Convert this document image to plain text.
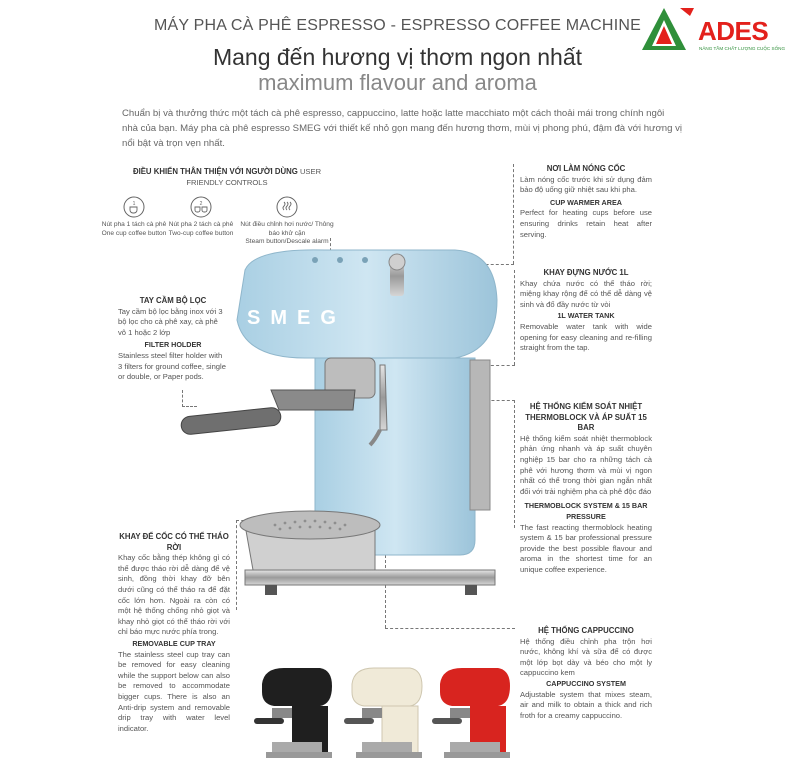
MÁY PHA CÀ PHÊ ESPRESSO - ESPRESSO COFFEE MACHINE
Mang đến hương vị thơm ngon nhất
maximum flavour and aroma
Chuẩn bị và thưởng thức một tách cà phê espresso, cappuccino, latte hoặc latte macchiato một cách thoải mái trong chính ngôi nhà của bạn. Máy pha cà phê espresso SMEG với thiết kế nhỏ gọn mang đến hương thơm, mùi vị phong phú, đậm đà với hương vị nổi bật và trọn vẹn nhất.
ADES
NÂNG TẦM CHẤT LƯỢNG CUỘC SỐNG
ĐIỀU KHIỂN THÂN THIỆN VỚI NGƯỜI DÙNG USER
FRIENDLY CONTROLS
1
Nút pha 1 tách cà phê
One cup coffee button
2
Nút pha 2 tách cà phê
Two-cup coffee button
Nút điều chỉnh hơi nước/ Thông báo khử cặn
Steam button/Descale alarm
TAY CẦM BỘ LỌC
Tay cầm bộ lọc bằng inox với 3 bộ lọc cho cà phê xay, cà phê vô 1 hoặc 2 lớp
FILTER HOLDER
Stainless steel filter holder with 3 filters for ground coffee, single or double, or Paper pods.
KHAY ĐỂ CỐC CÓ THỂ THÁO RỜI
Khay cốc bằng thép không gỉ có thể được tháo rời dễ dàng để vệ sinh, đồng thời khay đỡ bên dưới cũng có thể tháo ra để đặt cốc lớn hơn. Ngoài ra còn có một hệ thống chống nhỏ giọt và khay nhỏ giọt có thể tháo rời với chỉ báo mực nước phía trong.
REMOVABLE CUP TRAY
The stainless steel cup tray can be removed for easy cleaning while the support below can also be removed to accommodate bigger cups. There is also an Anti-drip system and removable drip tray with water level indicator.
NƠI LÀM NÓNG CỐC
Làm nóng cốc trước khi sử dụng đảm bảo độ uống giữ nhiệt sau khi pha.
CUP WARMER AREA
Perfect for heating cups before use ensuring drinks retain heat after serving.
KHAY ĐỰNG NƯỚC 1L
Khay chứa nước có thể tháo rời; miệng khay rộng để có thể dễ dàng vệ sinh và đổ đầy nước từ vòi
1L WATER TANK
Removable water tank with wide opening for easy cleaning and re-filling straight from the tap.
HỆ THỐNG KIỂM SOÁT NHIỆT THERMOBLOCK VÀ ÁP SUẤT 15 BAR
Hệ thống kiểm soát nhiệt thermoblock phản ứng nhanh và áp suất chuyên nghiệp 15 bar cho ra những tách cà phê với hương thơm và mùi vị ngon nhất có thể trong thời gian ngắn nhất đối với trải nghiệm pha cà phê độc đáo
THERMOBLOCK SYSTEM & 15 BAR PRESSURE
The fast reacting thermoblock heating system & 15 bar professional pressure provide the best possible flavour and aroma in the shortest time for an unique coffee experience.
HỆ THỐNG CAPPUCCINO
Hệ thống điều chỉnh pha trộn hơi nước, không khí và sữa để có được một lớp bọt dày và béo cho một ly cappuccino kem
CAPPUCCINO SYSTEM
Adjustable system that mixes steam, air and milk to obtain a thick and rich froth for a creamy cappuccino.
SMEG
